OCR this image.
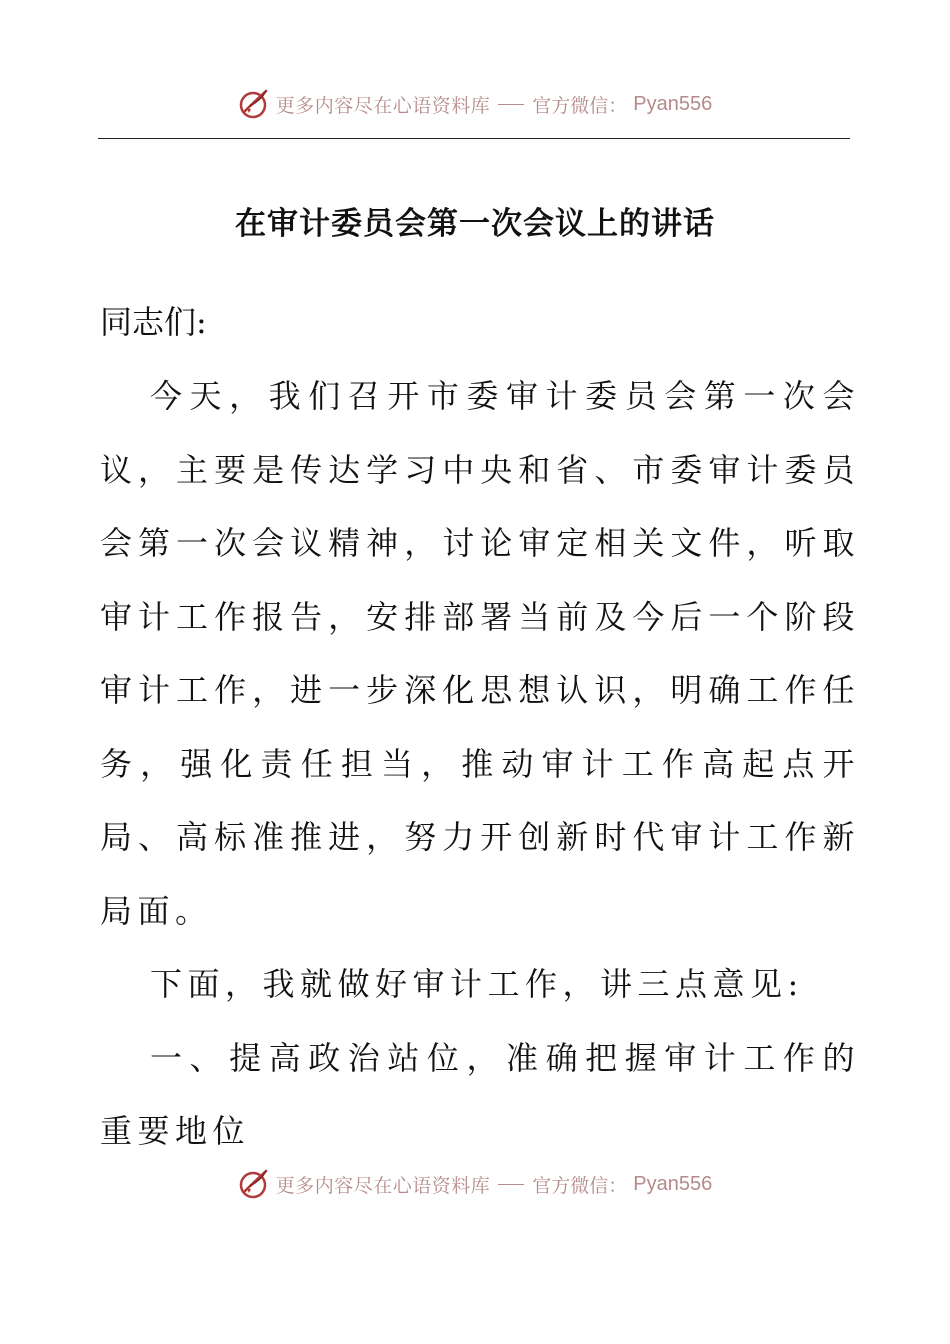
更多内容尽在心语资料库 官方微信： Pyan556
在审计委员会第一次会议上的讲话

同志们:

今天，我们召开市委审计委员会第一次会议，主要是传达学习中央和省、市委审计委员会第一次会议精神，讨论审定相关文件，听取审计工作报告，安排部署当前及今后一个阶段审计工作，进一步深化思想认识，明确工作任务，强化责任担当，推动审计工作高起点开局、高标准推进，努力开创新时代审计工作新局面。

下面，我就做好审计工作，讲三点意见:

一、提高政治站位，准确把握审计工作的重要地位

更多内容尽在心语资料库 官方微信： Pyan556
